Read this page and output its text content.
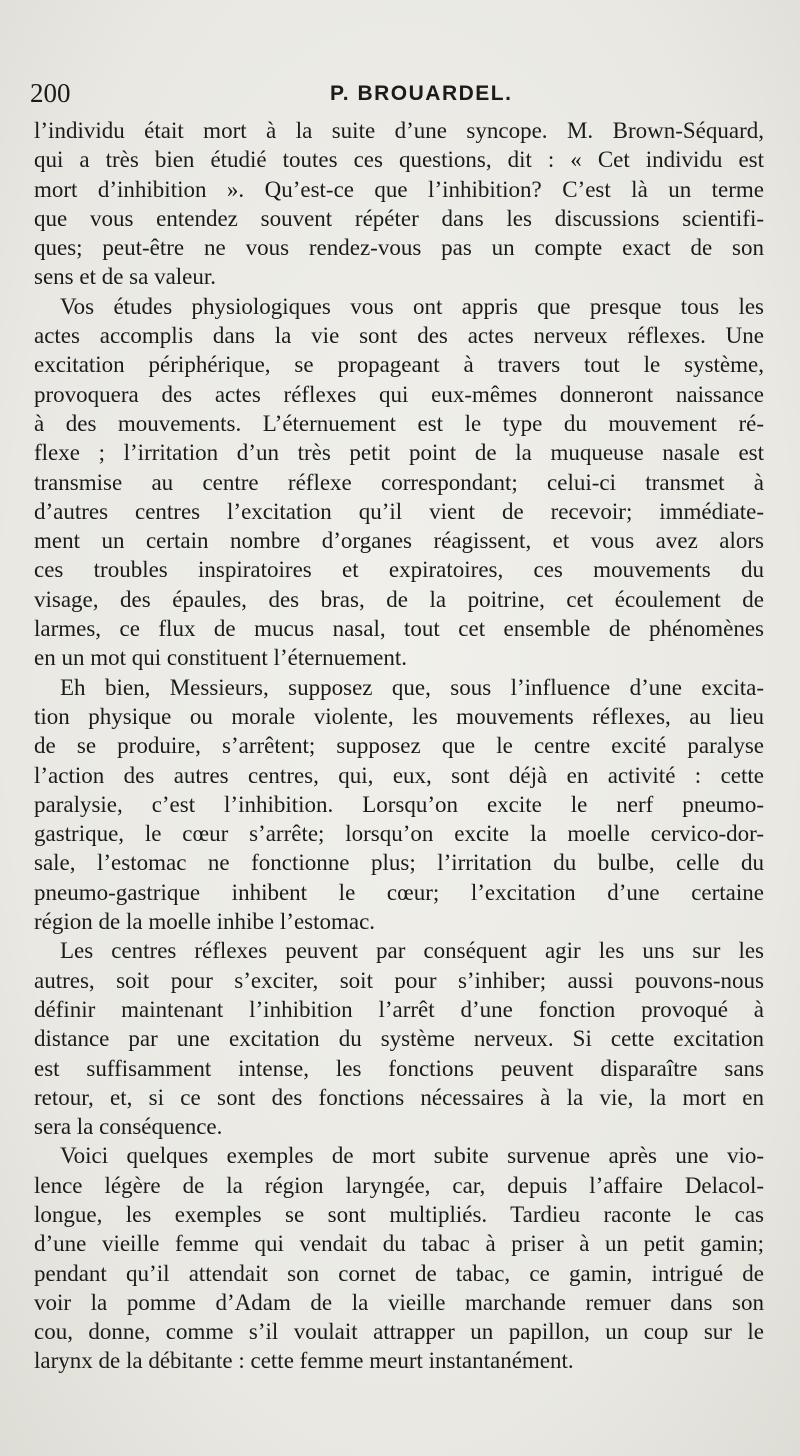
200	P. BROUARDEL.
l’individu était mort à la suite d’une syncope. M. Brown-Séquard,
qui a très bien étudié toutes ces questions, dit : « Cet individu est
mort d’inhibition ». Qu’est-ce que l’inhibition? C’est là un terme
que vous entendez souvent répéter dans les discussions scientifi-
ques; peut-être ne vous rendez-vous pas un compte exact de son
sens et de sa valeur.
Vos études physiologiques vous ont appris que presque tous les
actes accomplis dans la vie sont des actes nerveux réflexes. Une
excitation périphérique, se propageant à travers tout le système,
provoquera des actes réflexes qui eux-mêmes donneront naissance
à des mouvements. L’éternuement est le type du mouvement ré-
flexe ; l’irritation d’un très petit point de la muqueuse nasale est
transmise au centre réflexe correspondant; celui-ci transmet à
d’autres centres l’excitation qu’il vient de recevoir; immédiate-
ment un certain nombre d’organes réagissent, et vous avez alors
ces troubles inspiratoires et expiratoires, ces mouvements du
visage, des épaules, des bras, de la poitrine, cet écoulement de
larmes, ce flux de mucus nasal, tout cet ensemble de phénomènes
en un mot qui constituent l’éternuement.
Eh bien, Messieurs, supposez que, sous l’influence d’une excita-
tion physique ou morale violente, les mouvements réflexes, au lieu
de se produire, s’arrêtent; supposez que le centre excité paralyse
l’action des autres centres, qui, eux, sont déjà en activité : cette
paralysie, c’est l’inhibition. Lorsqu’on excite le nerf pneumo-
gastrique, le cœur s’arrête; lorsqu’on excite la moelle cervico-dor-
sale, l’estomac ne fonctionne plus; l’irritation du bulbe, celle du
pneumo-gastrique inhibent le cœur; l’excitation d’une certaine
région de la moelle inhibe l’estomac.
Les centres réflexes peuvent par conséquent agir les uns sur les
autres, soit pour s’exciter, soit pour s’inhiber; aussi pouvons-nous
définir maintenant l’inhibition l’arrêt d’une fonction provoqué à
distance par une excitation du système nerveux. Si cette excitation
est suffisamment intense, les fonctions peuvent disparaître sans
retour, et, si ce sont des fonctions nécessaires à la vie, la mort en
sera la conséquence.
Voici quelques exemples de mort subite survenue après une vio-
lence légère de la région laryngée, car, depuis l’affaire Delacol-
longue, les exemples se sont multipliés. Tardieu raconte le cas
d’une vieille femme qui vendait du tabac à priser à un petit gamin;
pendant qu’il attendait son cornet de tabac, ce gamin, intrigué de
voir la pomme d’Adam de la vieille marchande remuer dans son
cou, donne, comme s’il voulait attrapper un papillon, un coup sur le
larynx de la débitante : cette femme meurt instantanément.
